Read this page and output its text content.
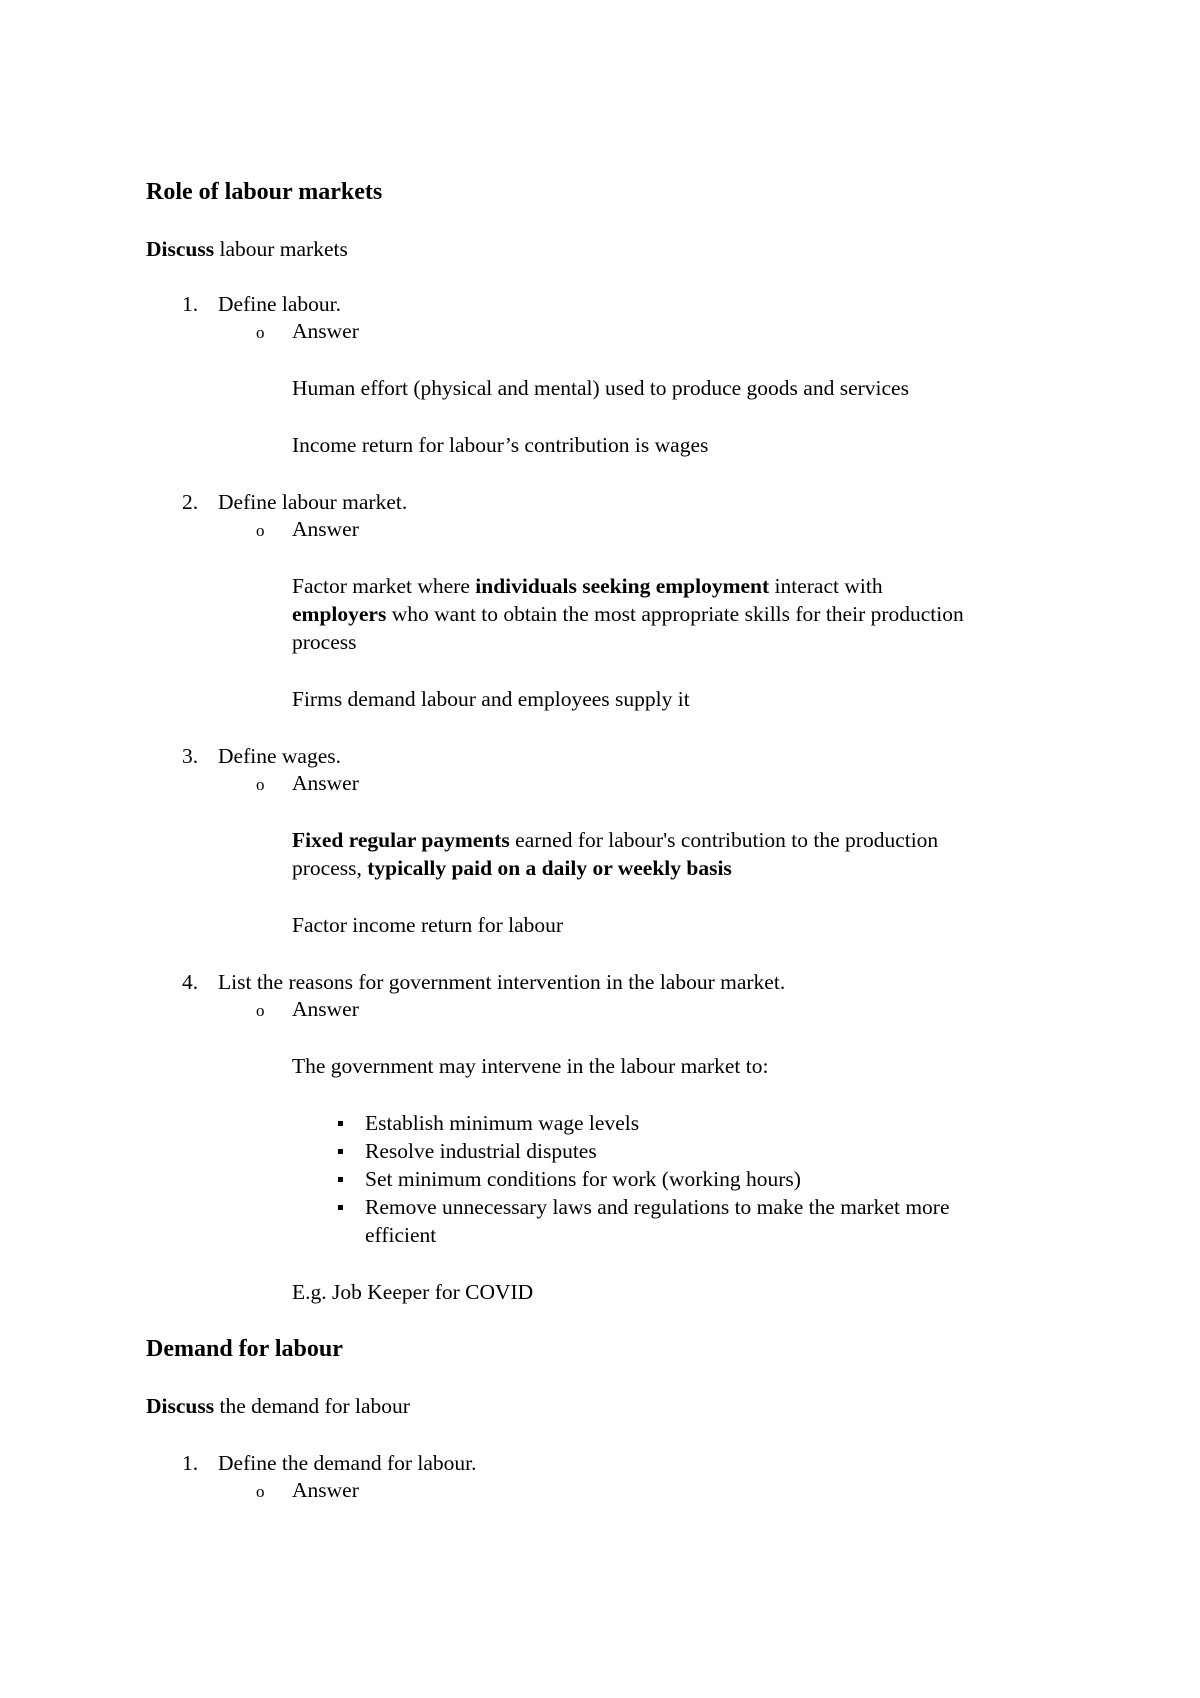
Role of labour markets

Discuss labour markets

1. Define labour.

o Answer

Human effort (physical and mental) used to produce goods and services

Income return for labour’s contribution is wages

2. Define labour market.

o Answer

Factor market where individuals seeking employment interact with

employers who want to obtain the most appropriate skills for their production

process

Firms demand labour and employees supply it

3. Define wages.

o Answer

Fixed regular payments earned for labour's contribution to the production

process, typically paid on a daily or weekly basis

Factor income return for labour

4. List the reasons for government intervention in the labour market.

o Answer

The government may intervene in the labour market to:

Establish minimum wage levels

Resolve industrial disputes

Set minimum conditions for work (working hours)

Remove unnecessary laws and regulations to make the market more

efficient

E.g. Job Keeper for COVID

Demand for labour

Discuss the demand for labour

1. Define the demand for labour.

o Answer
